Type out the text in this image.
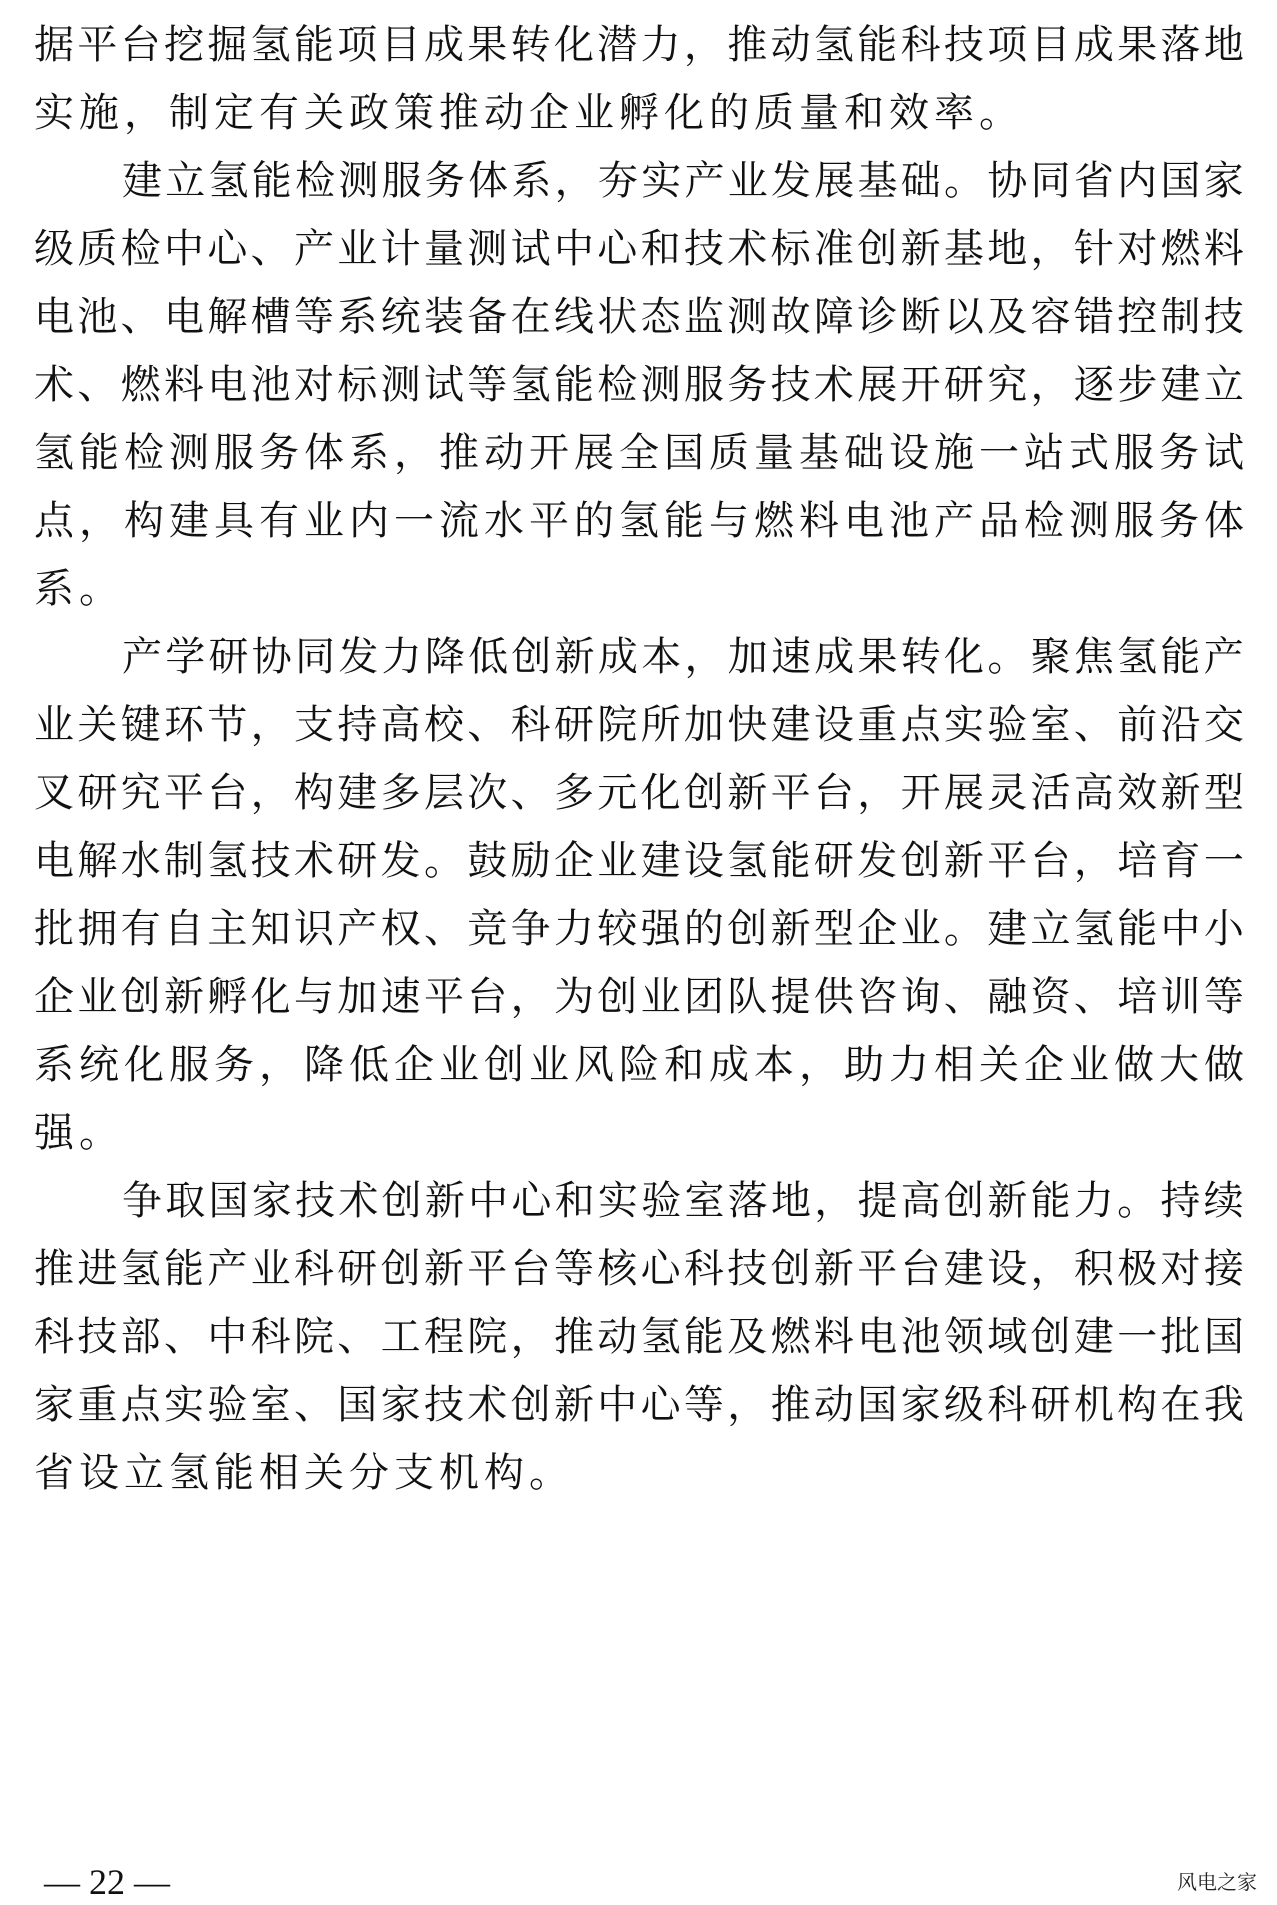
据 平 台 挖 掘 氢 能 项 目 成 果 转 化 潜 力 ， 推 动 氢 能 科 技 项 目 成 果 落 地
实施，制定有关政策推动企业孵化的质量和效率。
建 立 氢 能 检 测 服 务 体 系 ， 夯 实 产 业 发 展 基 础 。 协 同 省 内 国 家
级 质 检 中 心 、 产 业 计 量 测 试 中 心 和 技 术 标 准 创 新 基 地 ， 针 对 燃 料
电 池 、 电 解 槽 等 系 统 装 备 在 线 状 态 监 测 故 障 诊 断 以 及 容 错 控 制 技
术 、 燃 料 电 池 对 标 测 试 等 氢 能 检 测 服 务 技 术 展 开 研 究 ， 逐 步 建 立
氢 能 检 测 服 务 体 系 ， 推 动 开 展 全 国 质 量 基 础 设 施 一 站 式 服 务 试
点 ， 构 建 具 有 业 内 一 流 水 平 的 氢 能 与 燃 料 电 池 产 品 检 测 服 务 体
系。
产 学 研 协 同 发 力 降 低 创 新 成 本 ， 加 速 成 果 转 化 。 聚 焦 氢 能 产
业 关 键 环 节 ， 支 持 高 校 、 科 研 院 所 加 快 建 设 重 点 实 验 室 、 前 沿 交
叉 研 究 平 台 ， 构 建 多 层 次 、 多 元 化 创 新 平 台 ， 开 展 灵 活 高 效 新 型
电 解 水 制 氢 技 术 研 发 。 鼓 励 企 业 建 设 氢 能 研 发 创 新 平 台 ， 培 育 一
批 拥 有 自 主 知 识 产 权 、 竞 争 力 较 强 的 创 新 型 企 业 。 建 立 氢 能 中 小
企 业 创 新 孵 化 与 加 速 平 台 ， 为 创 业 团 队 提 供 咨 询 、 融 资 、 培 训 等
系 统 化 服 务 ， 降 低 企 业 创 业 风 险 和 成 本 ， 助 力 相 关 企 业 做 大 做
强。
争 取 国 家 技 术 创 新 中 心 和 实 验 室 落 地 ， 提 高 创 新 能 力 。 持 续
推 进 氢 能 产 业 科 研 创 新 平 台 等 核 心 科 技 创 新 平 台 建 设 ， 积 极 对 接
科 技 部 、 中 科 院 、 工 程 院 ， 推 动 氢 能 及 燃 料 电 池 领 域 创 建 一 批 国
家 重 点 实 验 室 、 国 家 技 术 创 新 中 心 等 ， 推 动 国 家 级 科 研 机 构 在 我
省设立氢能相关分支机构。
— 22 —	风电之家
